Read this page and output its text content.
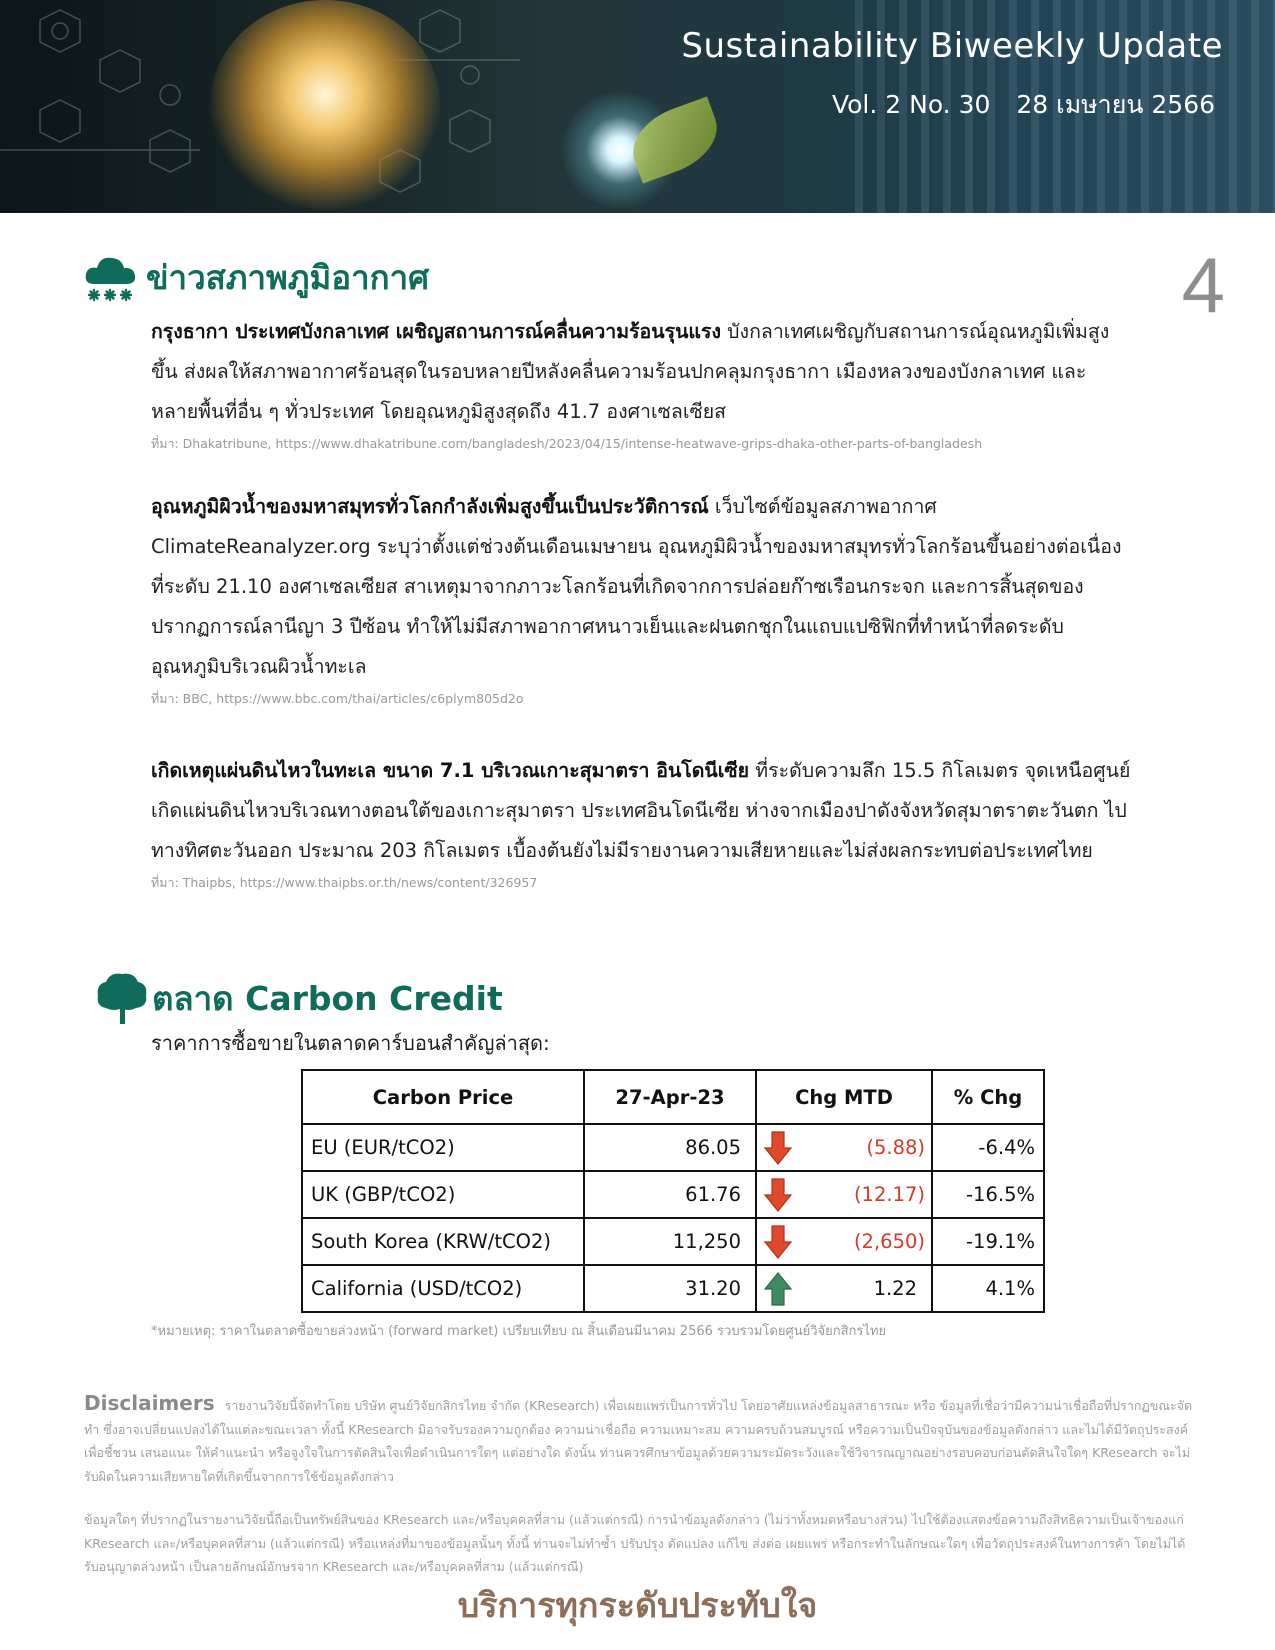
Sustainability Biweekly Update
Vol. 2 No. 30 28 เมษายน 2566
4
ข่าวสภาพภูมิอากาศ

กรุงธากา ประเทศบังกลาเทศ เผชิญสถานการณ์คลื่นความร้อนรุนแรง บังกลาเทศเผชิญกับสถานการณ์อุณหภูมิเพิ่มสูงขึ้น ส่งผลให้สภาพอากาศร้อนสุดในรอบหลายปีหลังคลื่นความร้อนปกคลุมกรุงธากา เมืองหลวงของบังกลาเทศ และหลายพื้นที่อื่น ๆ ทั่วประเทศ โดยอุณหภูมิสูงสุดถึง 41.7 องศาเซลเซียส

ที่มา: Dhakatribune, https://www.dhakatribune.com/bangladesh/2023/04/15/intense-heatwave-grips-dhaka-other-parts-of-bangladesh

อุณหภูมิผิวน้ำของมหาสมุทรทั่วโลกกำลังเพิ่มสูงขึ้นเป็นประวัติการณ์ เว็บไซต์ข้อมูลสภาพอากาศ ClimateReanalyzer.org ระบุว่าตั้งแต่ช่วงต้นเดือนเมษายน อุณหภูมิผิวน้ำของมหาสมุทรทั่วโลกร้อนขึ้นอย่างต่อเนื่อง ที่ระดับ 21.10 องศาเซลเซียส สาเหตุมาจากภาวะโลกร้อนที่เกิดจากการปล่อยก๊าซเรือนกระจก และการสิ้นสุดของปรากฏการณ์ลานีญา 3 ปีซ้อน ทำให้ไม่มีสภาพอากาศหนาวเย็นและฝนตกชุกในแถบแปซิฟิกที่ทำหน้าที่ลดระดับอุณหภูมิบริเวณผิวน้ำทะเล

ที่มา: BBC, https://www.bbc.com/thai/articles/c6plym805d2o

เกิดเหตุแผ่นดินไหวในทะเล ขนาด 7.1 บริเวณเกาะสุมาตรา อินโดนีเซีย ที่ระดับความลึก 15.5 กิโลเมตร จุดเหนือศูนย์เกิดแผ่นดินไหวบริเวณทางตอนใต้ของเกาะสุมาตรา ประเทศอินโดนีเซีย ห่างจากเมืองปาดังจังหวัดสุมาตราตะวันตก ไปทางทิศตะวันออก ประมาณ 203 กิโลเมตร เบื้องต้นยังไม่มีรายงานความเสียหายและไม่ส่งผลกระทบต่อประเทศไทย

ที่มา: Thaipbs, https://www.thaipbs.or.th/news/content/326957

ตลาด Carbon Credit
ราคาการซื้อขายในตลาดคาร์บอนสำคัญล่าสุด:
Carbon Price	27-Apr-23	Chg MTD	% Chg
EU (EUR/tCO2)	86.05	(5.88)	-6.4%
UK (GBP/tCO2)	61.76	(12.17)	-16.5%
South Korea (KRW/tCO2)	11,250	(2,650)	-19.1%
California (USD/tCO2)	31.20	1.22	4.1%
*หมายเหตุ: ราคาในตลาดซื้อขายล่วงหน้า (forward market) เปรียบเทียบ ณ สิ้นเดือนมีนาคม 2566 รวบรวมโดยศูนย์วิจัยกสิกรไทย
Disclaimers รายงานวิจัยนี้จัดทำโดย บริษัท ศูนย์วิจัยกสิกรไทย จำกัด (KResearch) เพื่อเผยแพร่เป็นการทั่วไป โดยอาศัยแหล่งข้อมูลสาธารณะ หรือ ข้อมูลที่เชื่อว่ามีความน่าเชื่อถือที่ปรากฏขณะจัดทำ ซึ่งอาจเปลี่ยนแปลงได้ในแต่ละขณะเวลา ทั้งนี้ KResearch มิอาจรับรองความถูกต้อง ความน่าเชื่อถือ ความเหมาะสม ความครบถ้วนสมบูรณ์ หรือความเป็นปัจจุบันของข้อมูลดังกล่าว และไม่ได้มีวัตถุประสงค์เพื่อชี้ชวน เสนอแนะ ให้คำแนะนำ หรือจูงใจในการตัดสินใจเพื่อดำเนินการใดๆ แต่อย่างใด ดังนั้น ท่านควรศึกษาข้อมูลด้วยความระมัดระวังและใช้วิจารณญาณอย่างรอบคอบก่อนตัดสินใจใดๆ KResearch จะไม่รับผิดในความเสียหายใดที่เกิดขึ้นจากการใช้ข้อมูลดังกล่าว
ข้อมูลใดๆ ที่ปรากฏในรายงานวิจัยนี้ถือเป็นทรัพย์สินของ KResearch และ/หรือบุคคลที่สาม (แล้วแต่กรณี) การนำข้อมูลดังกล่าว (ไม่ว่าทั้งหมดหรือบางส่วน) ไปใช้ต้องแสดงข้อความถึงสิทธิความเป็นเจ้าของแก่ KResearch และ/หรือบุคคลที่สาม (แล้วแต่กรณี) หรือแหล่งที่มาของข้อมูลนั้นๆ ทั้งนี้ ท่านจะไม่ทำซ้ำ ปรับปรุง ดัดแปลง แก้ไข ส่งต่อ เผยแพร่ หรือกระทำในลักษณะใดๆ เพื่อวัตถุประสงค์ในทางการค้า โดยไม่ได้รับอนุญาตล่วงหน้า เป็นลายลักษณ์อักษรจาก KResearch และ/หรือบุคคลที่สาม (แล้วแต่กรณี)
บริการทุกระดับประทับใจ
